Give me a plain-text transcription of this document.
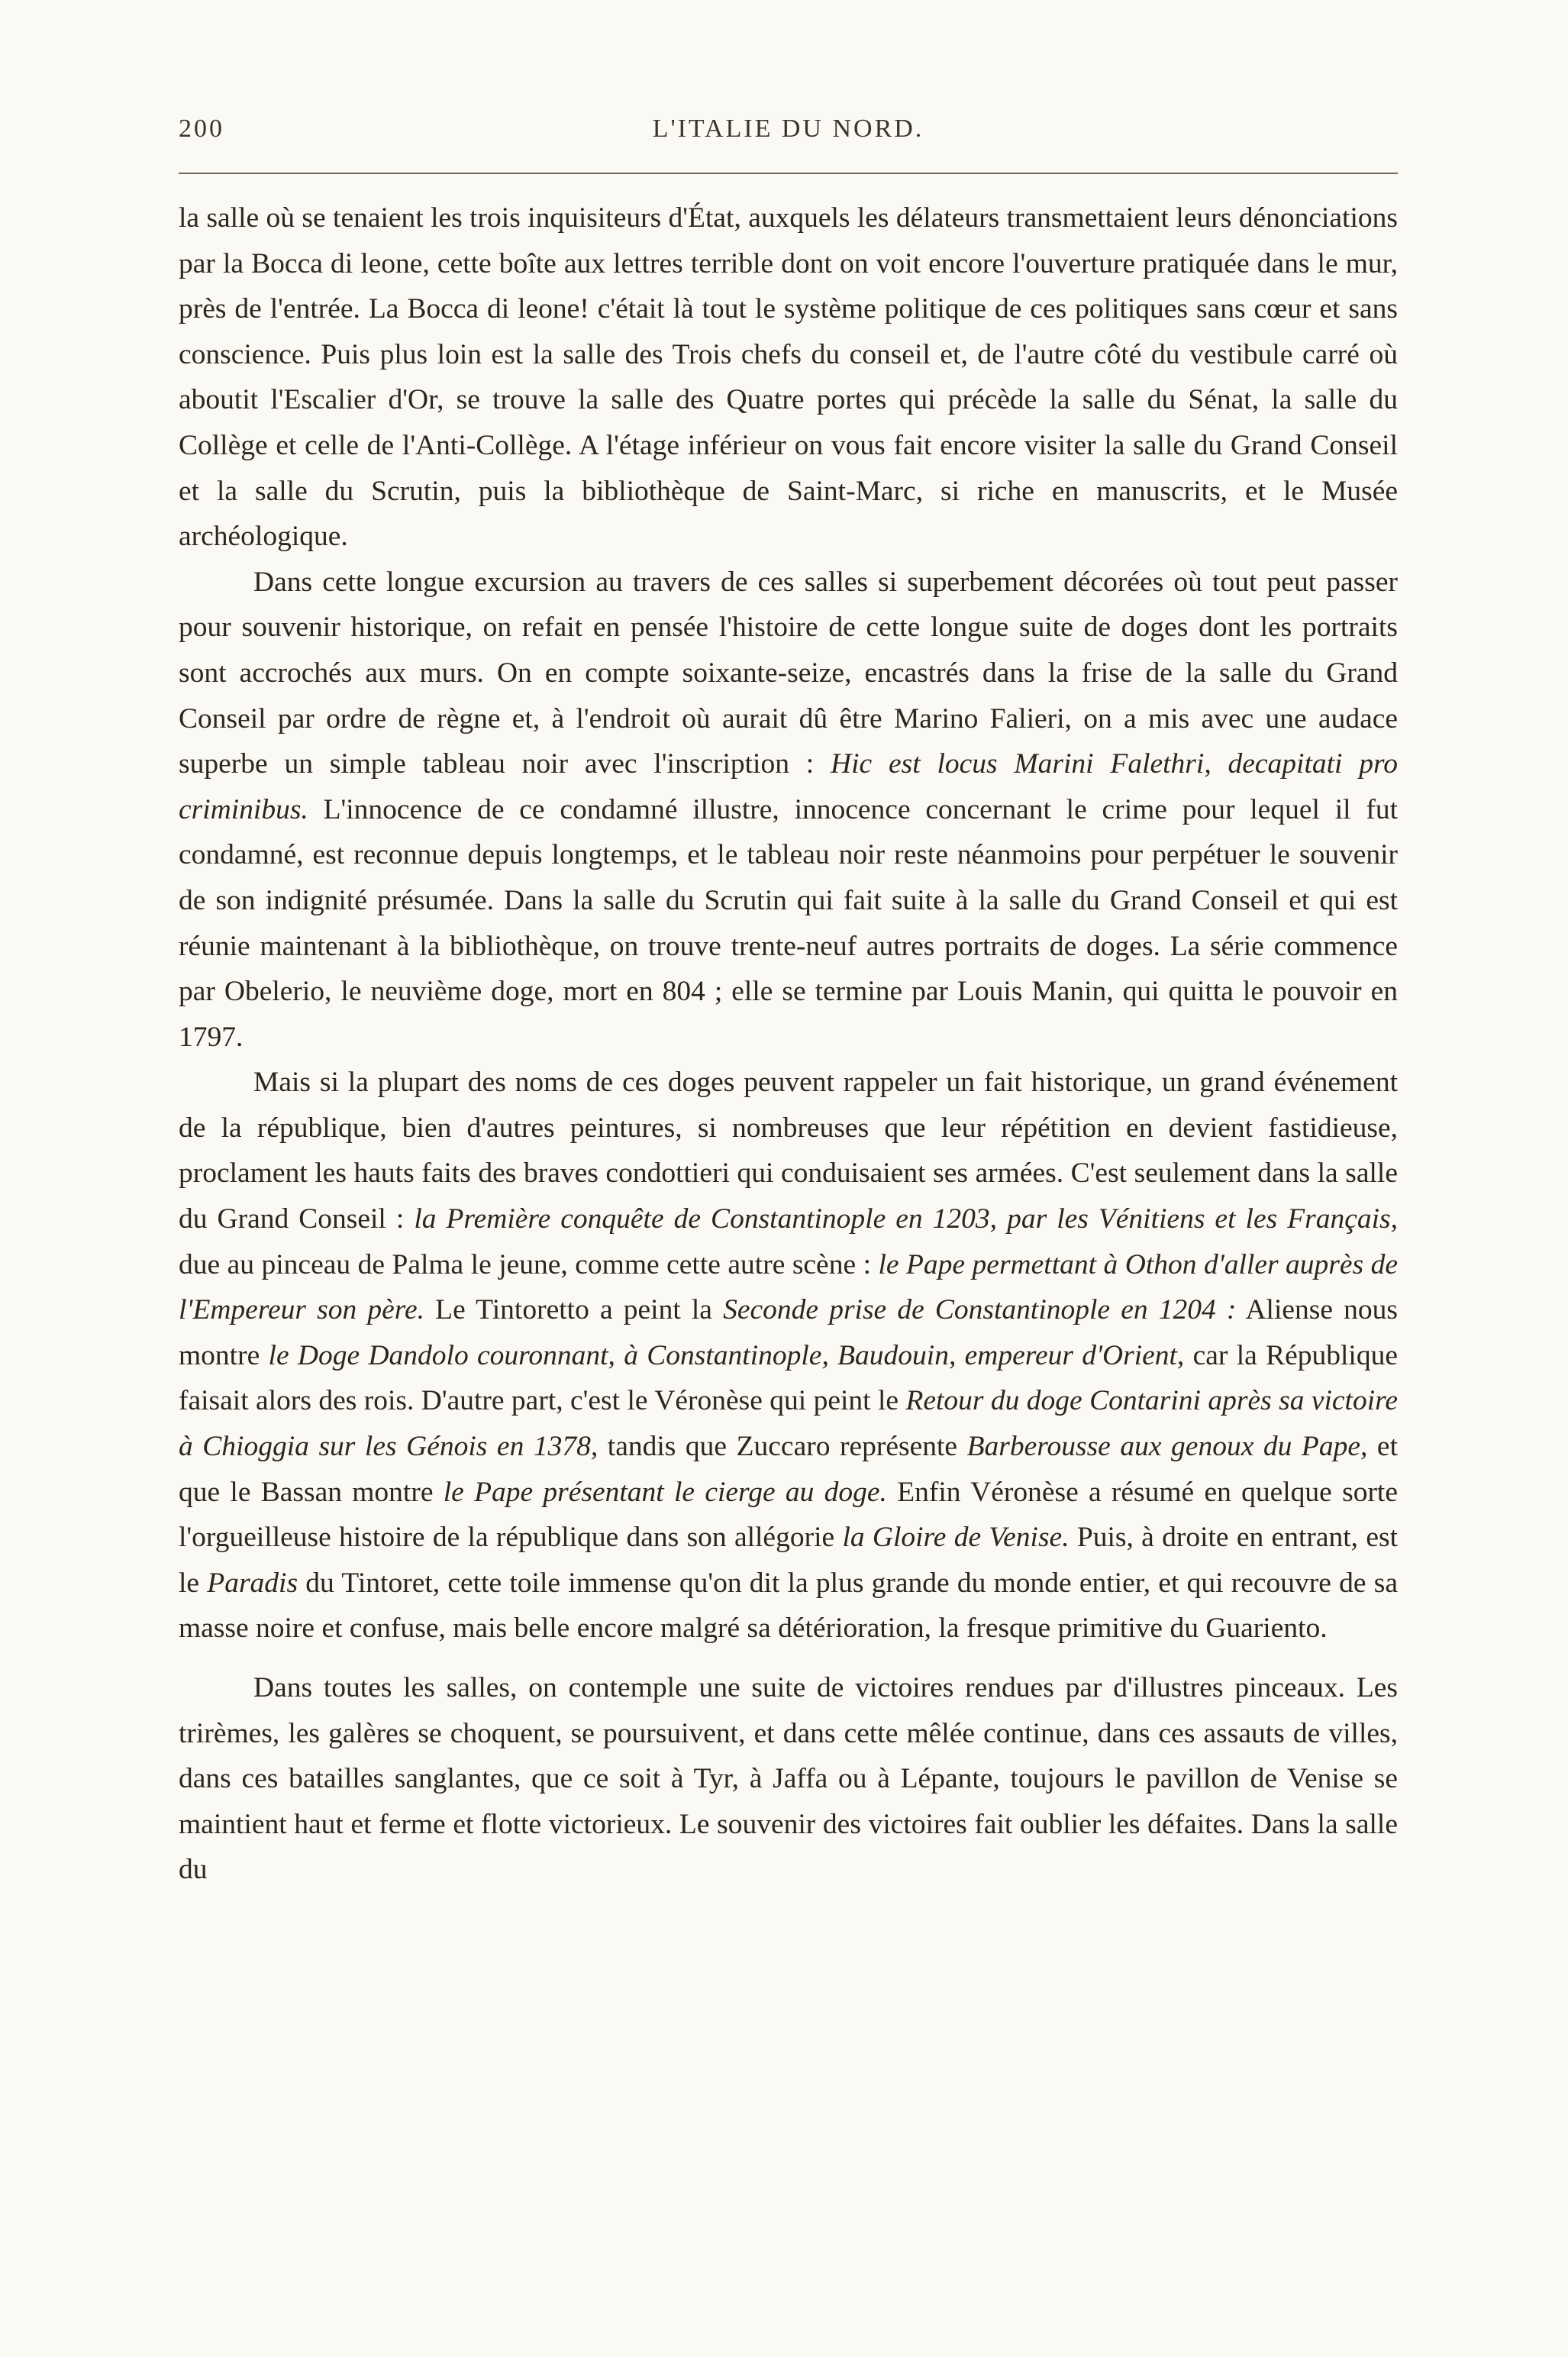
200	L'ITALIE DU NORD.

la salle où se tenaient les trois inquisiteurs d'État, auxquels les délateurs transmettaient leurs dénonciations par la Bocca di leone, cette boîte aux lettres terrible dont on voit encore l'ouverture pratiquée dans le mur, près de l'entrée. La Bocca di leone! c'était là tout le système politique de ces politiques sans cœur et sans conscience. Puis plus loin est la salle des Trois chefs du conseil et, de l'autre côté du vestibule carré où aboutit l'Escalier d'Or, se trouve la salle des Quatre portes qui précède la salle du Sénat, la salle du Collège et celle de l'Anti-Collège. A l'étage inférieur on vous fait encore visiter la salle du Grand Conseil et la salle du Scrutin, puis la bibliothèque de Saint-Marc, si riche en manuscrits, et le Musée archéologique.

Dans cette longue excursion au travers de ces salles si superbement décorées où tout peut passer pour souvenir historique, on refait en pensée l'histoire de cette longue suite de doges dont les portraits sont accrochés aux murs. On en compte soixante-seize, encastrés dans la frise de la salle du Grand Conseil par ordre de règne et, à l'endroit où aurait dû être Marino Falieri, on a mis avec une audace superbe un simple tableau noir avec l'inscription : Hic est locus Marini Falethri, decapitati pro criminibus. L'innocence de ce condamné illustre, innocence concernant le crime pour lequel il fut condamné, est reconnue depuis longtemps, et le tableau noir reste néanmoins pour perpétuer le souvenir de son indignité présumée. Dans la salle du Scrutin qui fait suite à la salle du Grand Conseil et qui est réunie maintenant à la bibliothèque, on trouve trente-neuf autres portraits de doges. La série commence par Obelerio, le neuvième doge, mort en 804 ; elle se termine par Louis Manin, qui quitta le pouvoir en 1797.

Mais si la plupart des noms de ces doges peuvent rappeler un fait historique, un grand événement de la république, bien d'autres peintures, si nombreuses que leur répétition en devient fastidieuse, proclament les hauts faits des braves condottieri qui conduisaient ses armées. C'est seulement dans la salle du Grand Conseil : la Première conquête de Constantinople en 1203, par les Vénitiens et les Français, due au pinceau de Palma le jeune, comme cette autre scène : le Pape permettant à Othon d'aller auprès de l'Empereur son père. Le Tintoretto a peint la Seconde prise de Constantinople en 1204 : Aliense nous montre le Doge Dandolo couronnant, à Constantinople, Baudouin, empereur d'Orient, car la République faisait alors des rois. D'autre part, c'est le Véronèse qui peint le Retour du doge Contarini après sa victoire à Chioggia sur les Génois en 1378, tandis que Zuccaro représente Barberousse aux genoux du Pape, et que le Bassan montre le Pape présentant le cierge au doge. Enfin Véronèse a résumé en quelque sorte l'orgueilleuse histoire de la république dans son allégorie la Gloire de Venise. Puis, à droite en entrant, est le Paradis du Tintoret, cette toile immense qu'on dit la plus grande du monde entier, et qui recouvre de sa masse noire et confuse, mais belle encore malgré sa détérioration, la fresque primitive du Guariento.

Dans toutes les salles, on contemple une suite de victoires rendues par d'illustres pinceaux. Les trirèmes, les galères se choquent, se poursuivent, et dans cette mêlée continue, dans ces assauts de villes, dans ces batailles sanglantes, que ce soit à Tyr, à Jaffa ou à Lépante, toujours le pavillon de Venise se maintient haut et ferme et flotte victorieux. Le souvenir des victoires fait oublier les défaites. Dans la salle du
